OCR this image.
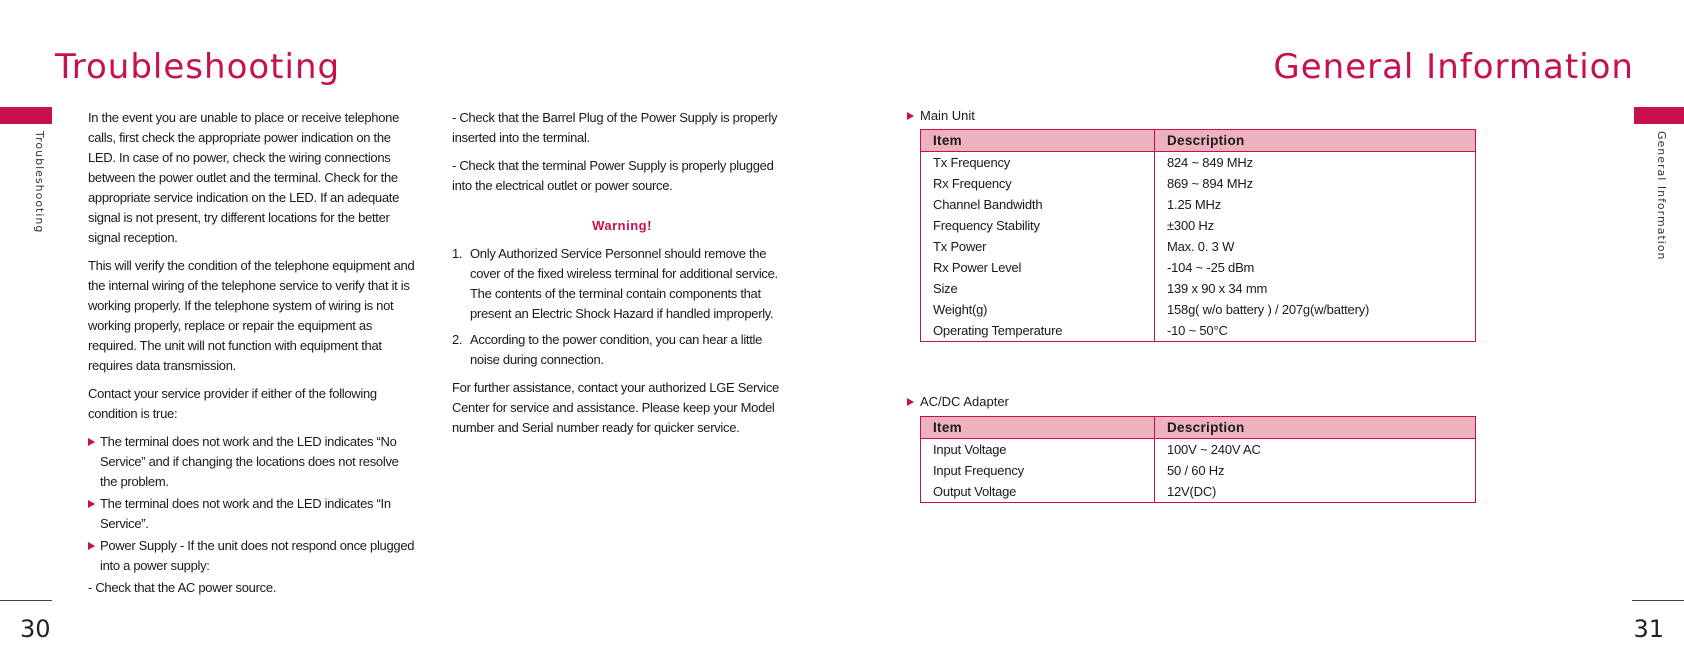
Troubleshooting	General Information
Troubleshooting	General Information

In the event you are unable to place or receive telephone calls, first check the appropriate power indication on the LED. In case of no power, check the wiring connections between the power outlet and the terminal. Check for the appropriate service indication on the LED. If an adequate signal is not present, try different locations for the better signal reception.

This will verify the condition of the telephone equipment and the internal wiring of the telephone service to verify that it is working properly. If the telephone system of wiring is not working properly, replace or repair the equipment as required. The unit will not function with equipment that requires data transmission.

Contact your service provider if either of the following condition is true:

The terminal does not work and the LED indicates “No Service” and if changing the locations does not resolve the problem.
The terminal does not work and the LED indicates “In Service”.
Power Supply - If the unit does not respond once plugged into a power supply:
- Check that the AC power source.
- Check that the Barrel Plug of the Power Supply is properly inserted into the terminal.
- Check that the terminal Power Supply is properly plugged into the electrical outlet or power source.
Warning!
1. Only Authorized Service Personnel should remove the cover of the fixed wireless terminal for additional service. The contents of the terminal contain components that present an Electric Shock Hazard if handled improperly.
2. According to the power condition, you can hear a little noise during connection.

For further assistance, contact your authorized LGE Service Center for service and assistance. Please keep your Model number and Serial number ready for quicker service.

Main Unit
Item	Description
Tx Frequency	824 ~ 849 MHz
Rx Frequency	869 ~ 894 MHz
Channel Bandwidth	1.25 MHz
Frequency Stability	±300 Hz
Tx Power	Max. 0. 3 W
Rx Power Level	-104 ~ -25 dBm
Size	139 x 90 x 34 mm
Weight(g)	158g( w/o battery ) / 207g(w/battery)
Operating Temperature	-10 ~ 50°C
AC/DC Adapter
Item	Description
Input Voltage	100V ~ 240V AC
Input Frequency	50 / 60 Hz
Output Voltage	12V(DC)
30	31
